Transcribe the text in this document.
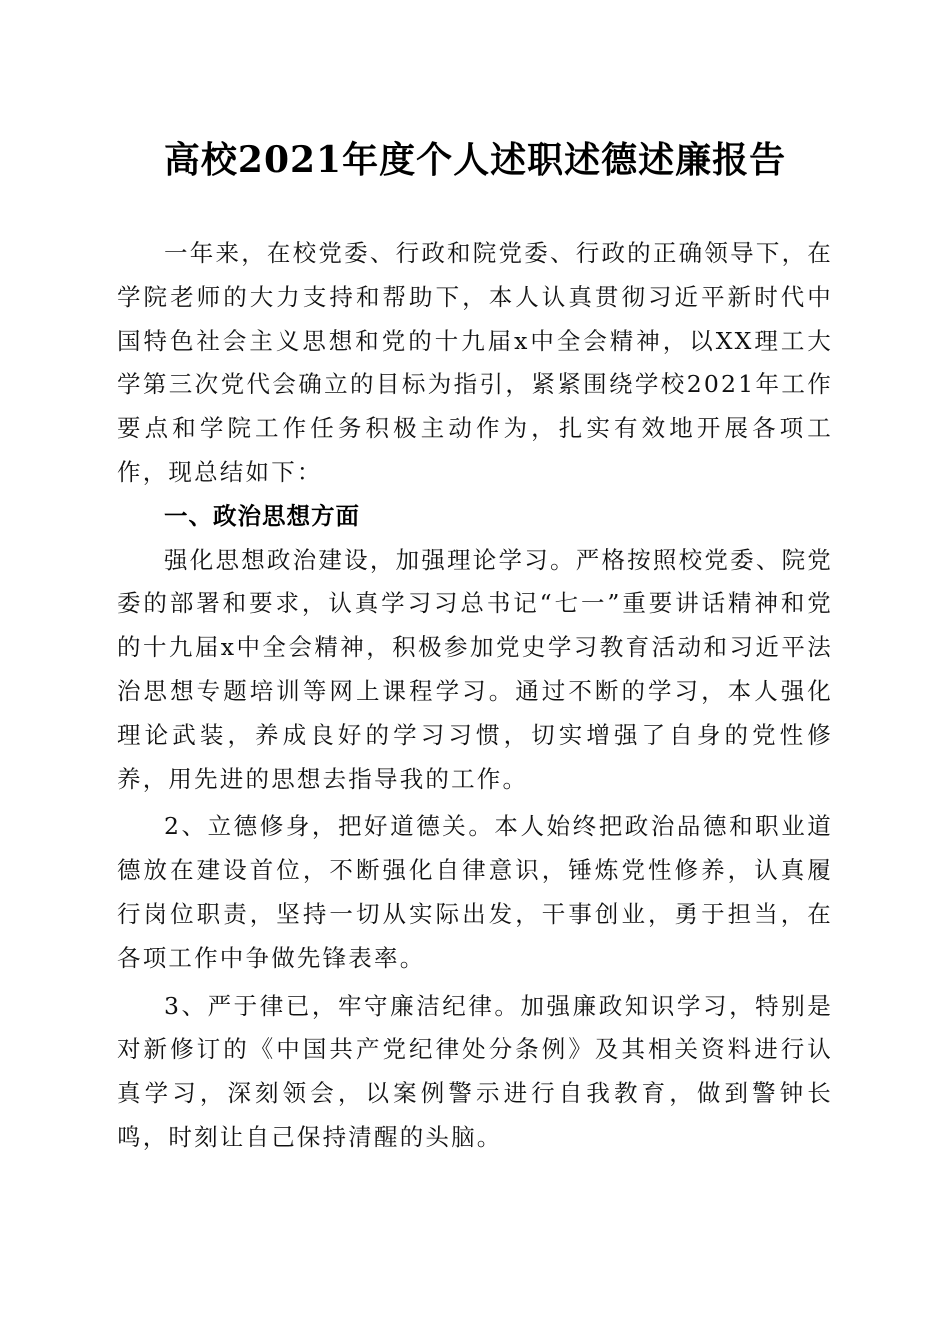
高校2021年度个人述职述德述廉报告

一年来，在校党委、行政和院党委、行政的正确领导下，在学院老师的大力支持和帮助下，本人认真贯彻习近平新时代中国特色社会主义思想和党的十九届x中全会精神，以XX理工大学第三次党代会确立的目标为指引，紧紧围绕学校2021年工作要点和学院工作任务积极主动作为，扎实有效地开展各项工作，现总结如下：

一、政治思想方面

强化思想政治建设，加强理论学习。严格按照校党委、院党委的部署和要求，认真学习习总书记“七一”重要讲话精神和党的十九届x中全会精神，积极参加党史学习教育活动和习近平法治思想专题培训等网上课程学习。通过不断的学习，本人强化理论武装，养成良好的学习习惯，切实增强了自身的党性修养，用先进的思想去指导我的工作。

2、立德修身，把好道德关。本人始终把政治品德和职业道德放在建设首位，不断强化自律意识，锤炼党性修养，认真履行岗位职责，坚持一切从实际出发，干事创业，勇于担当，在各项工作中争做先锋表率。

3、严于律已，牢守廉洁纪律。加强廉政知识学习，特别是对新修订的《中国共产党纪律处分条例》及其相关资料进行认真学习，深刻领会，以案例警示进行自我教育，做到警钟长鸣，时刻让自己保持清醒的头脑。
